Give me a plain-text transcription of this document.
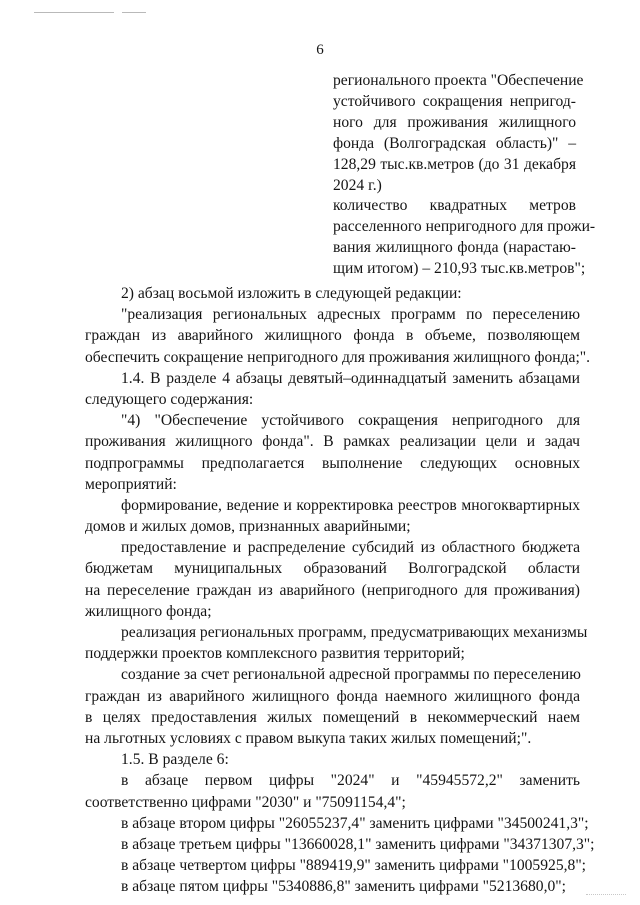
6
регионального проекта "Обеспечение
устойчивого сокращения непригод-
ного для проживания жилищного
фонда (Волгоградская область)" –
128,29 тыс.кв.метров (до 31 декабря
2024 г.)
количество квадратных метров
расселенного непригодного для прожи-
вания жилищного фонда (нарастаю-
щим итогом) – 210,93 тыс.кв.метров";
2) абзац восьмой изложить в следующей редакции:
"реализация региональных адресных программ по переселению
граждан из аварийного жилищного фонда в объеме, позволяющем
обеспечить сокращение непригодного для проживания жилищного фонда;".
1.4. В разделе 4 абзацы девятый–одиннадцатый заменить абзацами
следующего содержания:
"4) "Обеспечение устойчивого сокращения непригодного для
проживания жилищного фонда". В рамках реализации цели и задач
подпрограммы предполагается выполнение следующих основных
мероприятий:
формирование, ведение и корректировка реестров многоквартирных
домов и жилых домов, признанных аварийными;
предоставление и распределение субсидий из областного бюджета
бюджетам муниципальных образований Волгоградской области
на переселение граждан из аварийного (непригодного для проживания)
жилищного фонда;
реализация региональных программ, предусматривающих механизмы
поддержки проектов комплексного развития территорий;
создание за счет региональной адресной программы по переселению
граждан из аварийного жилищного фонда наемного жилищного фонда
в целях предоставления жилых помещений в некоммерческий наем
на льготных условиях с правом выкупа таких жилых помещений;".
1.5. В разделе 6:
в абзаце первом цифры "2024" и "45945572,2" заменить
соответственно цифрами "2030" и "75091154,4";
в абзаце втором цифры "26055237,4" заменить цифрами "34500241,3";
в абзаце третьем цифры "13660028,1" заменить цифрами "34371307,3";
в абзаце четвертом цифры "889419,9" заменить цифрами "1005925,8";
в абзаце пятом цифры "5340886,8" заменить цифрами "5213680,0";
